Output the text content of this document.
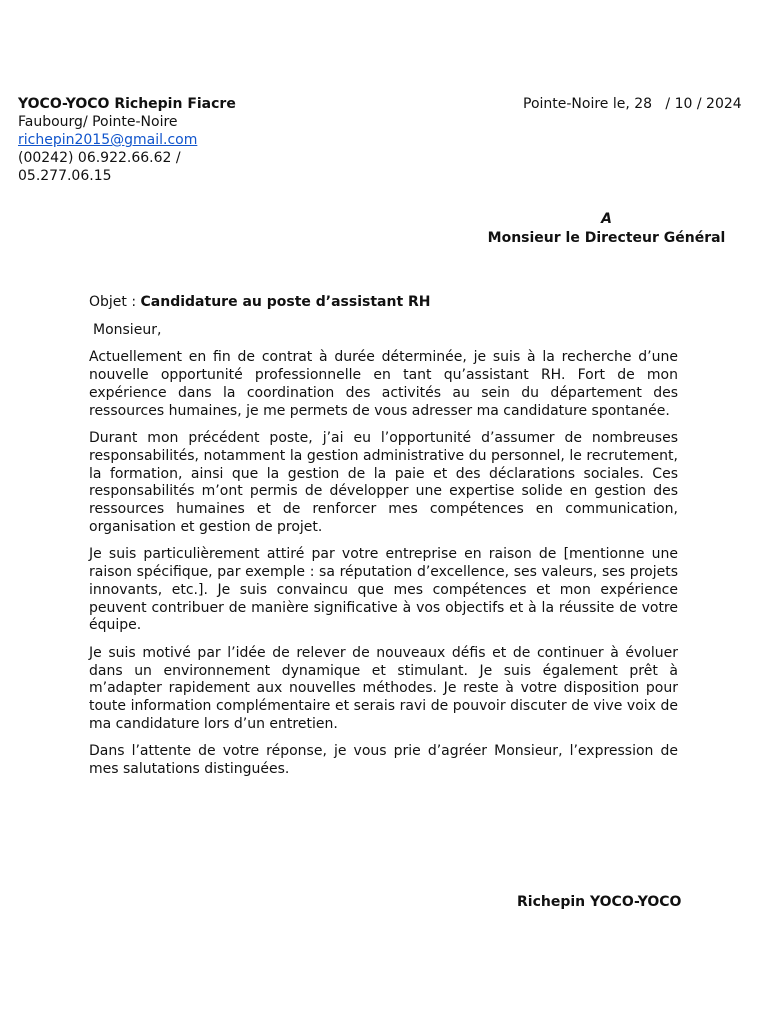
YOCO-YOCO Richepin Fiacre
Faubourg/ Pointe-Noire
richepin2015@gmail.com
(00242) 06.922.66.62 /
05.277.06.15
Pointe-Noire le, 28   / 10 / 2024
A
Monsieur le Directeur Général
Objet : Candidature au poste d’assistant RH
Monsieur,

Actuellement en fin de contrat à durée déterminée, je suis à la recherche d’une nouvelle opportunité professionnelle en tant qu’assistant RH. Fort de mon expérience dans la coordination des activités au sein du département des ressources humaines, je me permets de vous adresser ma candidature spontanée.

Durant mon précédent poste, j’ai eu l’opportunité d’assumer de nombreuses responsabilités, notamment la gestion administrative du personnel, le recrutement, la formation, ainsi que la gestion de la paie et des déclarations sociales. Ces responsabilités m’ont permis de développer une expertise solide en gestion des ressources humaines et de renforcer mes compétences en communication, organisation et gestion de projet.

Je suis particulièrement attiré par votre entreprise en raison de [mentionne une raison spécifique, par exemple : sa réputation d’excellence, ses valeurs, ses projets innovants, etc.]. Je suis convaincu que mes compétences et mon expérience peuvent contribuer de manière significative à vos objectifs et à la réussite de votre équipe.

Je suis motivé par l’idée de relever de nouveaux défis et de continuer à évoluer dans un environnement dynamique et stimulant. Je suis également prêt à m’adapter rapidement aux nouvelles méthodes. Je reste à votre disposition pour toute information complémentaire et serais ravi de pouvoir discuter de vive voix de ma candidature lors d’un entretien.

Dans l’attente de votre réponse, je vous prie d’agréer Monsieur, l’expression de mes salutations distinguées.

Richepin YOCO-YOCO
